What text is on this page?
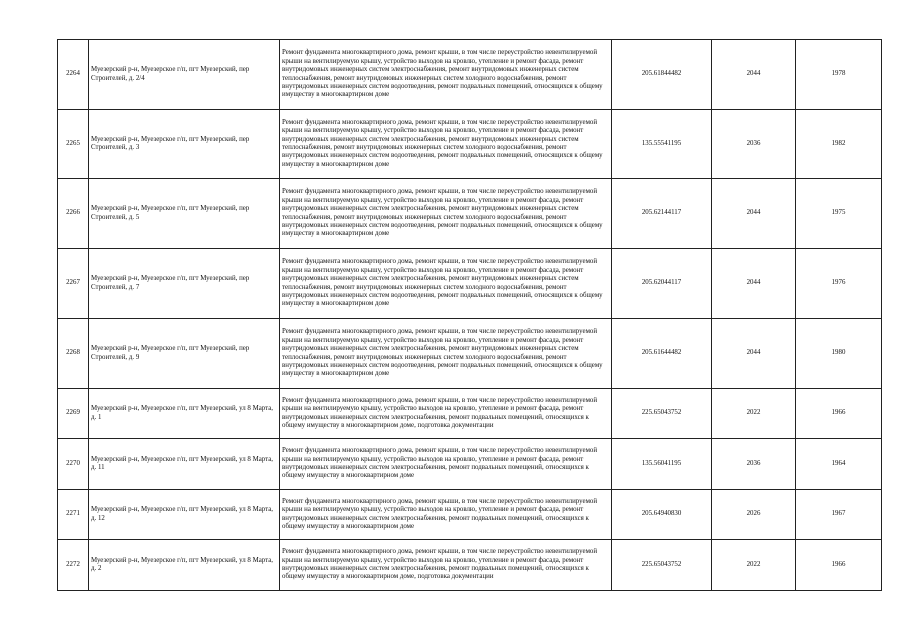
2264	Муезерский р-н, Муезерское г/п, пгт Муезерский, пер Строителей, д. 2/4	Ремонт фундамента многоквартирного дома, ремонт крыши, в том числе переустройство невентилируемой крыши на вентилируемую крышу, устройство выходов на кровлю, утепление и ремонт фасада, ремонт внутридомовых инженерных систем электроснабжения, ремонт внутридомовых инженерных систем теплоснабжения, ремонт внутридомовых инженерных систем холодного водоснабжения, ремонт внутридомовых инженерных систем водоотведения, ремонт подвальных помещений, относящихся к общему имуществу в многоквартирном доме	205.61844482	2044	1978
2265	Муезерский р-н, Муезерское г/п, пгт Муезерский, пер Строителей, д. 3	Ремонт фундамента многоквартирного дома, ремонт крыши, в том числе переустройство невентилируемой крыши на вентилируемую крышу, устройство выходов на кровлю, утепление и ремонт фасада, ремонт внутридомовых инженерных систем электроснабжения, ремонт внутридомовых инженерных систем теплоснабжения, ремонт внутридомовых инженерных систем холодного водоснабжения, ремонт внутридомовых инженерных систем водоотведения, ремонт подвальных помещений, относящихся к общему имуществу в многоквартирном доме	135.55541195	2036	1982
2266	Муезерский р-н, Муезерское г/п, пгт Муезерский, пер Строителей, д. 5	Ремонт фундамента многоквартирного дома, ремонт крыши, в том числе переустройство невентилируемой крыши на вентилируемую крышу, устройство выходов на кровлю, утепление и ремонт фасада, ремонт внутридомовых инженерных систем электроснабжения, ремонт внутридомовых инженерных систем теплоснабжения, ремонт внутридомовых инженерных систем холодного водоснабжения, ремонт внутридомовых инженерных систем водоотведения, ремонт подвальных помещений, относящихся к общему имуществу в многоквартирном доме	205.62144117	2044	1975
2267	Муезерский р-н, Муезерское г/п, пгт Муезерский, пер Строителей, д. 7	Ремонт фундамента многоквартирного дома, ремонт крыши, в том числе переустройство невентилируемой крыши на вентилируемую крышу, устройство выходов на кровлю, утепление и ремонт фасада, ремонт внутридомовых инженерных систем электроснабжения, ремонт внутридомовых инженерных систем теплоснабжения, ремонт внутридомовых инженерных систем холодного водоснабжения, ремонт внутридомовых инженерных систем водоотведения, ремонт подвальных помещений, относящихся к общему имуществу в многоквартирном доме	205.62044117	2044	1976
2268	Муезерский р-н, Муезерское г/п, пгт Муезерский, пер Строителей, д. 9	Ремонт фундамента многоквартирного дома, ремонт крыши, в том числе переустройство невентилируемой крыши на вентилируемую крышу, устройство выходов на кровлю, утепление и ремонт фасада, ремонт внутридомовых инженерных систем электроснабжения, ремонт внутридомовых инженерных систем теплоснабжения, ремонт внутридомовых инженерных систем холодного водоснабжения, ремонт внутридомовых инженерных систем водоотведения, ремонт подвальных помещений, относящихся к общему имуществу в многоквартирном доме	205.61644482	2044	1980
2269	Муезерский р-н, Муезерское г/п, пгт Муезерский, ул 8 Марта, д. 1	Ремонт фундамента многоквартирного дома, ремонт крыши, в том числе переустройство невентилируемой крыши на вентилируемую крышу, устройство выходов на кровлю, утепление и ремонт фасада, ремонт внутридомовых инженерных систем электроснабжения, ремонт подвальных помещений, относящихся к общему имуществу в многоквартирном доме, подготовка документации	225.65043752	2022	1966
2270	Муезерский р-н, Муезерское г/п, пгт Муезерский, ул 8 Марта, д. 11	Ремонт фундамента многоквартирного дома, ремонт крыши, в том числе переустройство невентилируемой крыши на вентилируемую крышу, устройство выходов на кровлю, утепление и ремонт фасада, ремонт внутридомовых инженерных систем электроснабжения, ремонт подвальных помещений, относящихся к общему имуществу в многоквартирном доме	135.56041195	2036	1964
2271	Муезерский р-н, Муезерское г/п, пгт Муезерский, ул 8 Марта, д. 12	Ремонт фундамента многоквартирного дома, ремонт крыши, в том числе переустройство невентилируемой крыши на вентилируемую крышу, устройство выходов на кровлю, утепление и ремонт фасада, ремонт внутридомовых инженерных систем электроснабжения, ремонт подвальных помещений, относящихся к общему имуществу в многоквартирном доме	205.64940830	2026	1967
2272	Муезерский р-н, Муезерское г/п, пгт Муезерский, ул 8 Марта, д. 2	Ремонт фундамента многоквартирного дома, ремонт крыши, в том числе переустройство невентилируемой крыши на вентилируемую крышу, устройство выходов на кровлю, утепление и ремонт фасада, ремонт внутридомовых инженерных систем электроснабжения, ремонт подвальных помещений, относящихся к общему имуществу в многоквартирном доме, подготовка документации	225.65043752	2022	1966
